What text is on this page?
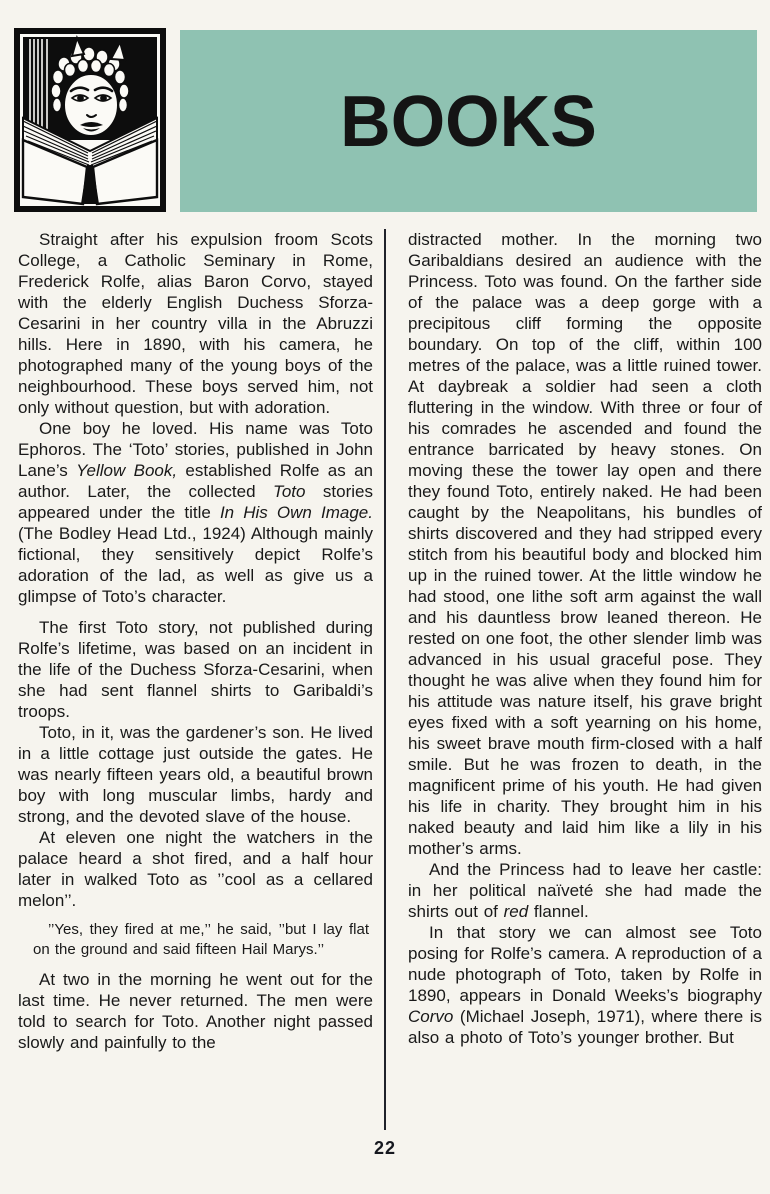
BOOKS

Straight after his expulsion froom Scots College, a Catholic Seminary in Rome, Frederick Rolfe, alias Baron Corvo, stayed with the elderly English Duchess Sforza-Cesarini in her country villa in the Abruzzi hills. Here in 1890, with his camera, he photographed many of the young boys of the neighbourhood. These boys served him, not only without question, but with adoration.

One boy he loved. His name was Toto Ephoros. The ‘Toto’ stories, published in John Lane’s Yellow Book, established Rolfe as an author. Later, the collected Toto stories appeared under the title In His Own Image. (The Bodley Head Ltd., 1924) Although mainly fictional, they sensitively depict Rolfe’s adoration of the lad, as well as give us a glimpse of Toto’s character.

The first Toto story, not published during Rolfe’s lifetime, was based on an incident in the life of the Duchess Sforza-Cesarini, when she had sent flannel shirts to Garibaldi’s troops.

Toto, in it, was the gardener’s son. He lived in a little cottage just outside the gates. He was nearly fifteen years old, a beautiful brown boy with long muscular limbs, hardy and strong, and the devoted slave of the house.

At eleven one night the watchers in the palace heard a shot fired, and a half hour later in walked Toto as ’’cool as a cellared melon’’.

’’Yes, they fired at me,’’ he said, ’’but I lay flat on the ground and said fifteen Hail Marys.’’

At two in the morning he went out for the last time. He never returned. The men were told to search for Toto. Another night passed slowly and painfully to the

distracted mother. In the morning two Garibaldians desired an audience with the Princess. Toto was found. On the farther side of the palace was a deep gorge with a precipitous cliff forming the opposite boundary. On top of the cliff, within 100 metres of the palace, was a little ruined tower. At daybreak a soldier had seen a cloth fluttering in the window. With three or four of his comrades he ascended and found the entrance barricated by heavy stones. On moving these the tower lay open and there they found Toto, entirely naked. He had been caught by the Neapolitans, his bundles of shirts discovered and they had stripped every stitch from his beautiful body and blocked him up in the ruined tower. At the little window he had stood, one lithe soft arm against the wall and his dauntless brow leaned thereon. He rested on one foot, the other slender limb was advanced in his usual graceful pose. They thought he was alive when they found him for his attitude was nature itself, his grave bright eyes fixed with a soft yearning on his home, his sweet brave mouth firm-closed with a half smile. But he was frozen to death, in the magnificent prime of his youth. He had given his life in charity. They brought him in his naked beauty and laid him like a lily in his mother’s arms.

And the Princess had to leave her castle: in her political naïveté she had made the shirts out of red flannel.

In that story we can almost see Toto posing for Rolfe’s camera. A reproduction of a nude photograph of Toto, taken by Rolfe in 1890, appears in Donald Weeks’s biography Corvo (Michael Joseph, 1971), where there is also a photo of Toto’s younger brother. But

22
